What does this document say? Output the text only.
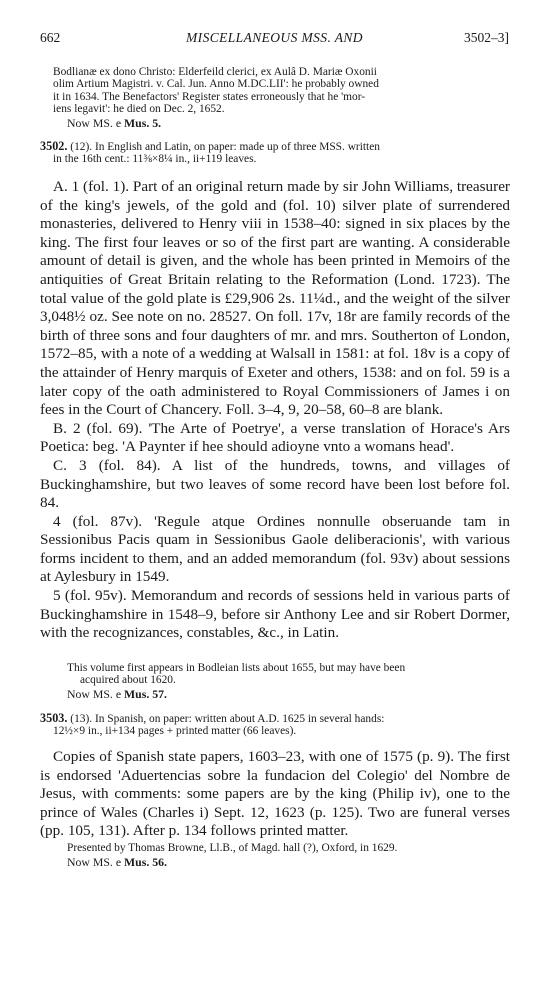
662	MISCELLANEOUS MSS. AND	3502–3]
Bodlianæ ex dono Christo: Elderfeild clerici, ex Aulâ D. Mariæ Oxonii
olim Artium Magistri. v. Cal. Jun. Anno M.DC.LII': he probably owned
it in 1634. The Benefactors' Register states erroneously that he 'mor-
iens legavit': he died on Dec. 2, 1652.
Now MS. e Mus. 5.
3502. (12). In English and Latin, on paper: made up of three MSS. written
in the 16th cent.: 11⅜×8¼ in., ii+119 leaves.

A. 1 (fol. 1). Part of an original return made by sir John Williams, treasurer of the king's jewels, of the gold and (fol. 10) silver plate of surrendered monasteries, delivered to Henry viii in 1538–40: signed in six places by the king. The first four leaves or so of the first part are wanting. A considerable amount of detail is given, and the whole has been printed in Memoirs of the antiquities of Great Britain relating to the Reformation (Lond. 1723). The total value of the gold plate is £29,906 2s. 11¼d., and the weight of the silver 3,048½ oz. See note on no. 28527. On foll. 17v, 18r are family records of the birth of three sons and four daughters of mr. and mrs. Southerton of London, 1572–85, with a note of a wedding at Walsall in 1581: at fol. 18v is a copy of the attainder of Henry marquis of Exeter and others, 1538: and on fol. 59 is a later copy of the oath administered to Royal Commissioners of James i on fees in the Court of Chancery. Foll. 3–4, 9, 20–58, 60–8 are blank.

B. 2 (fol. 69). 'The Arte of Poetrye', a verse translation of Horace's Ars Poetica: beg. 'A Paynter if hee should adioyne vnto a womans head'.

C. 3 (fol. 84). A list of the hundreds, towns, and villages of Buckinghamshire, but two leaves of some record have been lost before fol. 84.

4 (fol. 87v). 'Regule atque Ordines nonnulle obseruande tam in Sessionibus Pacis quam in Sessionibus Gaole deliberacionis', with various forms incident to them, and an added memorandum (fol. 93v) about sessions at Aylesbury in 1549.

5 (fol. 95v). Memorandum and records of sessions held in various parts of Buckinghamshire in 1548–9, before sir Anthony Lee and sir Robert Dormer, with the recognizances, constables, &c., in Latin.

This volume first appears in Bodleian lists about 1655, but may have been
acquired about 1620.
Now MS. e Mus. 57.
3503. (13). In Spanish, on paper: written about A.D. 1625 in several hands:
12½×9 in., ii+134 pages + printed matter (66 leaves).

Copies of Spanish state papers, 1603–23, with one of 1575 (p. 9). The first is endorsed 'Aduertencias sobre la fundacion del Colegio' del Nombre de Jesus, with comments: some papers are by the king (Philip iv), one to the prince of Wales (Charles i) Sept. 12, 1623 (p. 125). Two are funeral verses (pp. 105, 131). After p. 134 follows printed matter.

Presented by Thomas Browne, Ll.B., of Magd. hall (?), Oxford, in 1629.
Now MS. e Mus. 56.
